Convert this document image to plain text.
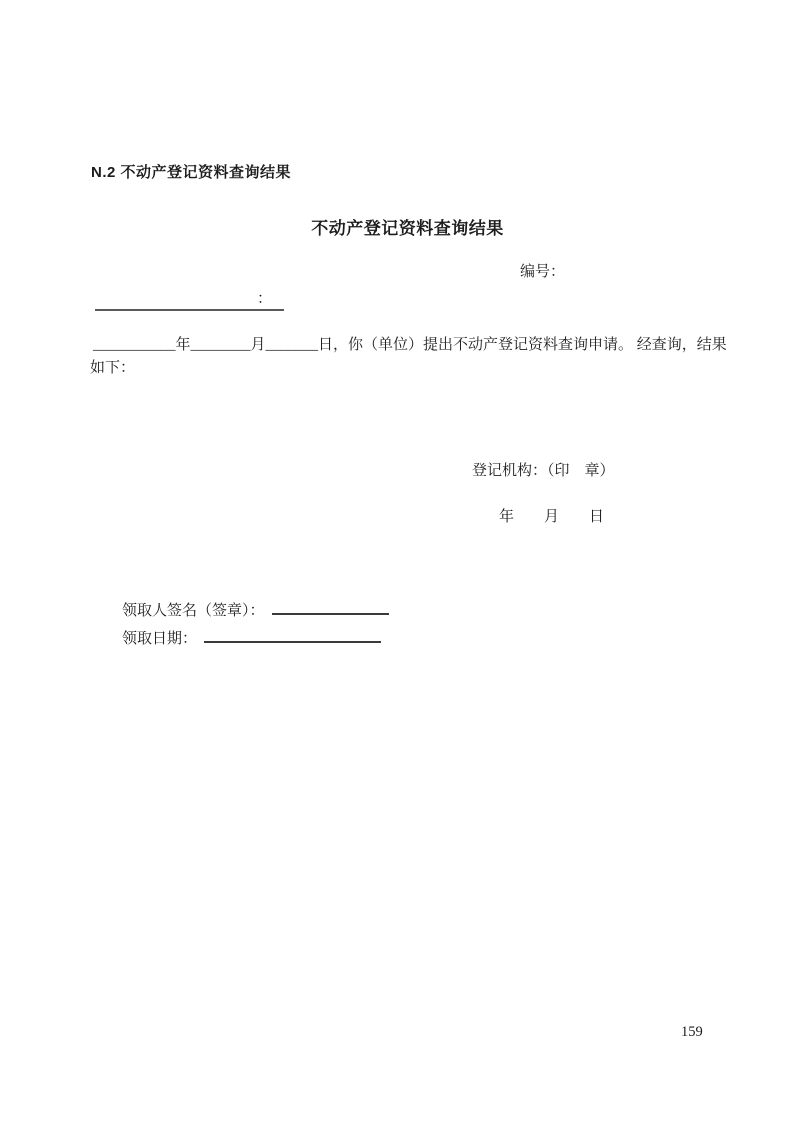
N.2 不动产登记资料查询结果
不动产登记资料查询结果
编号：
：
___________年________月_______日，你（单位）提出不动产登记资料查询申请。 经查询，结果
如下：
登记机构：（印　章）
年　　月　　日
领取人签名（签章）：
领取日期：
159
